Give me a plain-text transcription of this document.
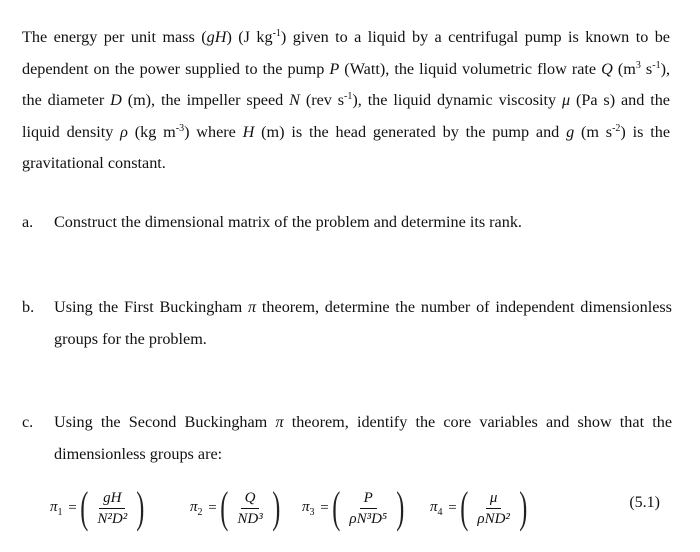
The energy per unit mass (gH) (J $kg^{-1}$) given to a liquid by a centrifugal pump is known to be dependent on the power supplied to the pump P (Watt), the liquid volumetric flow rate Q ($m^3$ $s^{-1}$), the diameter D (m), the impeller speed N (rev $s^{-1}$), the liquid dynamic viscosity μ (Pa s) and the liquid density ρ (kg $m^{-3}$) where H (m) is the head generated by the pump and g (m $s^{-2}$) is the gravitational constant.
a. Construct the dimensional matrix of the problem and determine its rank.
b. Using the First Buckingham π theorem, determine the number of independent dimensionless groups for the problem.
c. Using the Second Buckingham π theorem, identify the core variables and show that the dimensionless groups are:
$\pi_1$ = ( $\frac{gH}{\text{N²D²}}$ )	$\pi_2$ = ( $\frac{Q}{\text{ND³}}$ ) $\pi_3$ = ( $\frac{P}{\text{ρN³D⁵}}$ ) $\pi_4$ = ( $\frac{\mu}{\text{ρND²}}$ )	(5.1)
